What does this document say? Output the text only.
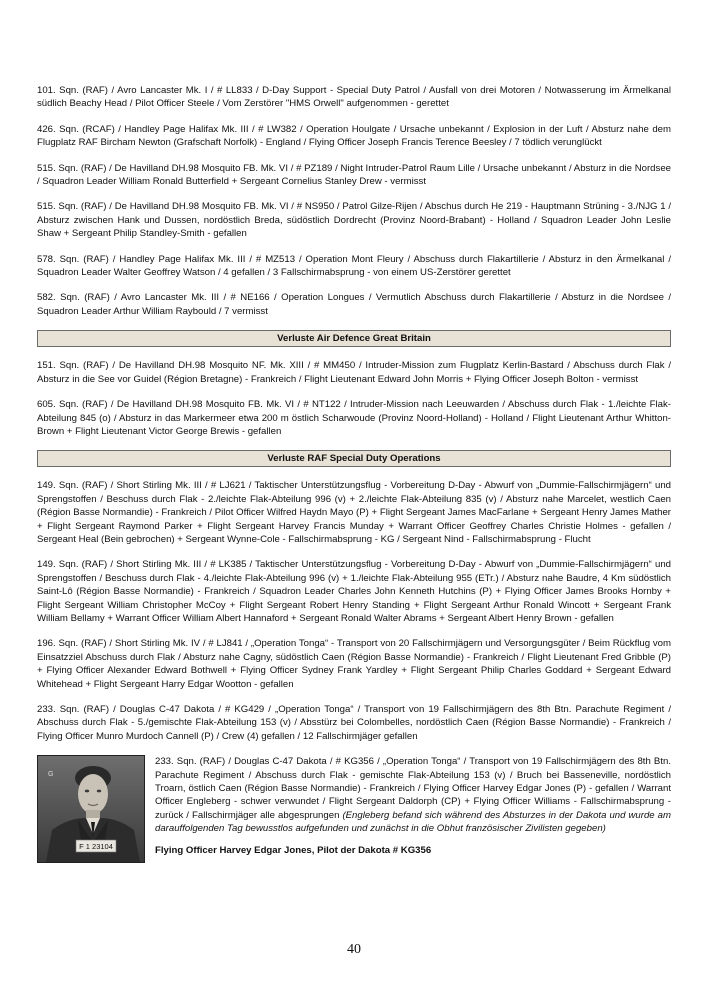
101. Sqn. (RAF) / Avro Lancaster Mk. I / # LL833 / D-Day Support - Special Duty Patrol / Ausfall von drei Motoren / Notwasserung im Ärmelkanal südlich Beachy Head / Pilot Officer Steele / Vom Zerstörer "HMS Orwell" aufgenommen - gerettet

426. Sqn. (RCAF) / Handley Page Halifax Mk. III / # LW382 / Operation Houlgate / Ursache unbekannt / Explosion in der Luft / Absturz nahe dem Flugplatz RAF Bircham Newton (Grafschaft Norfolk) - England / Flying Officer Joseph Francis Terence Beesley / 7 tödlich verunglückt

515. Sqn. (RAF) / De Havilland DH.98 Mosquito FB. Mk. VI / # PZ189 / Night Intruder-Patrol Raum Lille / Ursache unbekannt / Absturz in die Nordsee / Squadron Leader William Ronald Butterfield + Sergeant Cornelius Stanley Drew - vermisst

515. Sqn. (RAF) / De Havilland DH.98 Mosquito FB. Mk. VI / # NS950 / Patrol Gilze-Rijen / Abschus durch He 219 - Hauptmann Strüning - 3./NJG 1 / Absturz zwischen Hank und Dussen, nordöstlich Breda, südöstlich Dordrecht (Provinz Noord-Brabant) - Holland / Squadron Leader John Leslie Shaw + Sergeant Philip Standley-Smith - gefallen

578. Sqn. (RAF) / Handley Page Halifax Mk. III / # MZ513 / Operation Mont Fleury / Abschuss durch Flakartillerie / Absturz in den Ärmelkanal / Squadron Leader Walter Geoffrey Watson / 4 gefallen / 3 Fallschirmabsprung - von einem US-Zerstörer gerettet

582. Sqn. (RAF) / Avro Lancaster Mk. III / # NE166 / Operation Longues / Vermutlich Abschuss durch Flakartillerie / Absturz in die Nordsee / Squadron Leader Arthur William Raybould / 7 vermisst

Verluste Air Defence Great Britain

151. Sqn. (RAF) / De Havilland DH.98 Mosquito NF. Mk. XIII / # MM450 / Intruder-Mission zum Flugplatz Kerlin-Bastard / Abschuss durch Flak / Absturz in die See vor Guidel (Région Bretagne) - Frankreich / Flight Lieutenant Edward John Morris + Flying Officer Joseph Bolton - vermisst

605. Sqn. (RAF) / De Havilland DH.98 Mosquito FB. Mk. VI / # NT122 / Intruder-Mission nach Leeuwarden / Abschuss durch Flak - 1./leichte Flak-Abteilung 845 (o) / Absturz in das Markermeer etwa 200 m östlich Scharwoude (Provinz Noord-Holland) - Holland / Flight Lieutenant Arthur Whitton-Brown + Flight Lieutenant Victor George Brewis - gefallen

Verluste RAF Special Duty Operations

149. Sqn. (RAF) / Short Stirling Mk. III / # LJ621 / Taktischer Unterstützungsflug - Vorbereitung D-Day - Abwurf von „Dummie-Fallschirmjägern“ und Sprengstoffen / Beschuss durch Flak - 2./leichte Flak-Abteilung 996 (v) + 2./leichte Flak-Abteilung 835 (v) / Absturz nahe Marcelet, westlich Caen (Région Basse Normandie) - Frankreich / Pilot Officer Wilfred Haydn Mayo (P) + Flight Sergeant James MacFarlane + Sergeant Henry James Mather + Flight Sergeant Raymond Parker + Flight Sergeant Harvey Francis Munday + Warrant Officer Geoffrey Charles Christie Holmes - gefallen / Sergeant Heal (Bein gebrochen) + Sergeant Wynne-Cole - Fallschirmabsprung - KG / Sergeant Nind - Fallschirmabsprung - Flucht

149. Sqn. (RAF) / Short Stirling Mk. III / # LK385 / Taktischer Unterstützungsflug - Vorbereitung D-Day - Abwurf von „Dummie-Fallschirmjägern“ und Sprengstoffen / Beschuss durch Flak - 4./leichte Flak-Abteilung 996 (v) + 1./leichte Flak-Abteilung 955 (ETr.) / Absturz nahe Baudre, 4 Km südöstlich Saint-Lô (Région Basse Normandie) - Frankreich / Squadron Leader Charles John Kenneth Hutchins (P) + Flying Officer James Brooks Hornby + Flight Sergeant William Christopher McCoy + Flight Sergeant Robert Henry Standing + Flight Sergeant Arthur Ronald Wincott + Sergeant Frank William Bellamy + Warrant Officer William Albert Hannaford + Sergeant Ronald Walter Abrams + Sergeant Albert Henry Brown - gefallen

196. Sqn. (RAF) / Short Stirling Mk. IV / # LJ841 / „Operation Tonga“ - Transport von 20 Fallschirmjägern und Versorgungsgüter / Beim Rückflug vom Einsatzziel Abschuss durch Flak / Absturz nahe Cagny, südöstlich Caen (Région Basse Normandie) - Frankreich / Flight Lieutenant Fred Gribble (P) + Flying Officer Alexander Edward Bothwell + Flying Officer Sydney Frank Yardley + Flight Sergeant Philip Charles Goddard + Sergeant Edward Whitehead + Flight Sergeant Harry Edgar Wootton - gefallen

233. Sqn. (RAF) / Douglas C-47 Dakota / # KG429 / „Operation Tonga“ / Transport von 19 Fallschirmjägern des 8th Btn. Parachute Regiment / Abschuss durch Flak - 5./gemischte Flak-Abteilung 153 (v) / Absstürz bei Colombelles, nordöstlich Caen (Région Basse Normandie) - Frankreich / Flying Officer Munro Murdoch Cannell (P) / Crew (4) gefallen / 12 Fallschirmjäger gefallen

F 1 23104
G
233. Sqn. (RAF) / Douglas C-47 Dakota / # KG356 / „Operation Tonga“ / Transport von 19 Fallschirmjägern des 8th Btn. Parachute Regiment / Abschuss durch Flak - gemischte Flak-Abteilung 153 (v) / Bruch bei Basseneville, nordöstlich Troarn, östlich Caen (Région Basse Normandie) - Frankreich / Flying Officer Harvey Edgar Jones (P) - gefallen / Warrant Officer Engleberg - schwer verwundet / Flight Sergeant Daldorph (CP) + Flying Officer Williams - Fallschirmabsprung - zurück / Fallschirmjäger alle abgesprungen (Engleberg befand sich während des Absturzes in der Dakota und wurde am darauffolgenden Tag bewusstlos aufgefunden und zunächst in die Obhut französischer Zivilisten gegeben)
Flying Officer Harvey Edgar Jones, Pilot der Dakota # KG356
40
